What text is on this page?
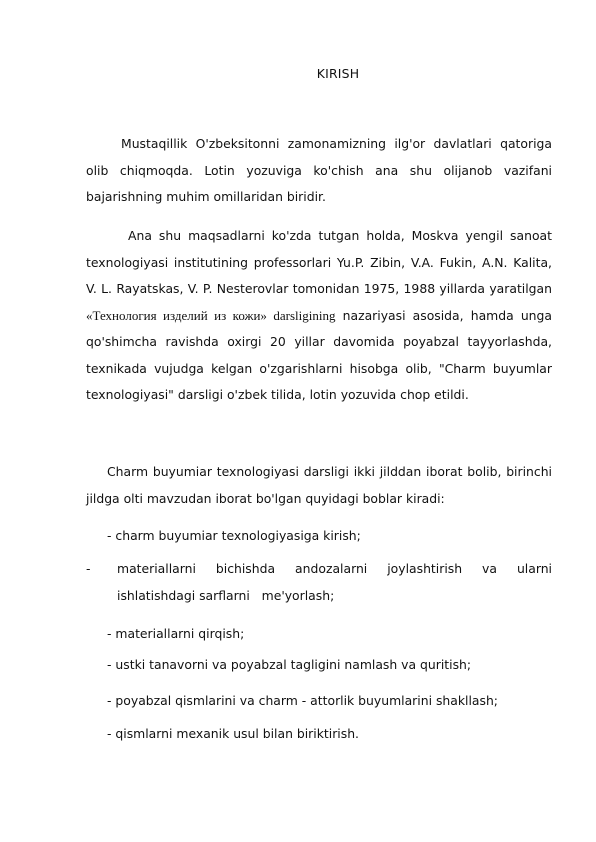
KIRISH
Mustaqillik O'zbeksitonni zamonamizning ilg'or davlatlari qatoriga olib chiqmoqda. Lotin yozuviga ko'chish ana shu olijanob vazifani bajarishning muhim omillaridan biridir.
Ana shu maqsadlarni ko'zda tutgan holda, Moskva yengil sanoat texnologiyasi institutining professorlari Yu.P. Zibin, V.A. Fukin, A.N. Kalita, V. L. Rayatskas, V. P. Nesterovlar tomonidan 1975, 1988 yillarda yaratilgan «Технология изделий из кожи» darsligining nazariyasi asosida, hamda unga qo'shimcha ravishda oxirgi 20 yillar davomida poyabzal tayyorlashda, texnikada vujudga kelgan o'zgarishlarni hisobga olib, "Charm buyumlar texnologiyasi" darsligi o'zbek tilida, lotin yozuvida chop etildi.
Charm buyumiar texnologiyasi darsligi ikki jilddan iborat bolib, birinchi jildga olti mavzudan iborat bo'lgan quyidagi boblar kiradi:
- charm buyumiar texnologiyasiga kirish;
- materiallarni bichishda andozalarni joylashtirish va ularni
ishlatishdagi sarflarni   me'yorlash;
- materiallarni qirqish;
- ustki tanavorni va poyabzal taglig​ini namlash va quritish;
- poyabzal qismlarini va charm - attorlik buyumlarini shakllash;
- qismlarni mexanik usul bilan biriktirish.
